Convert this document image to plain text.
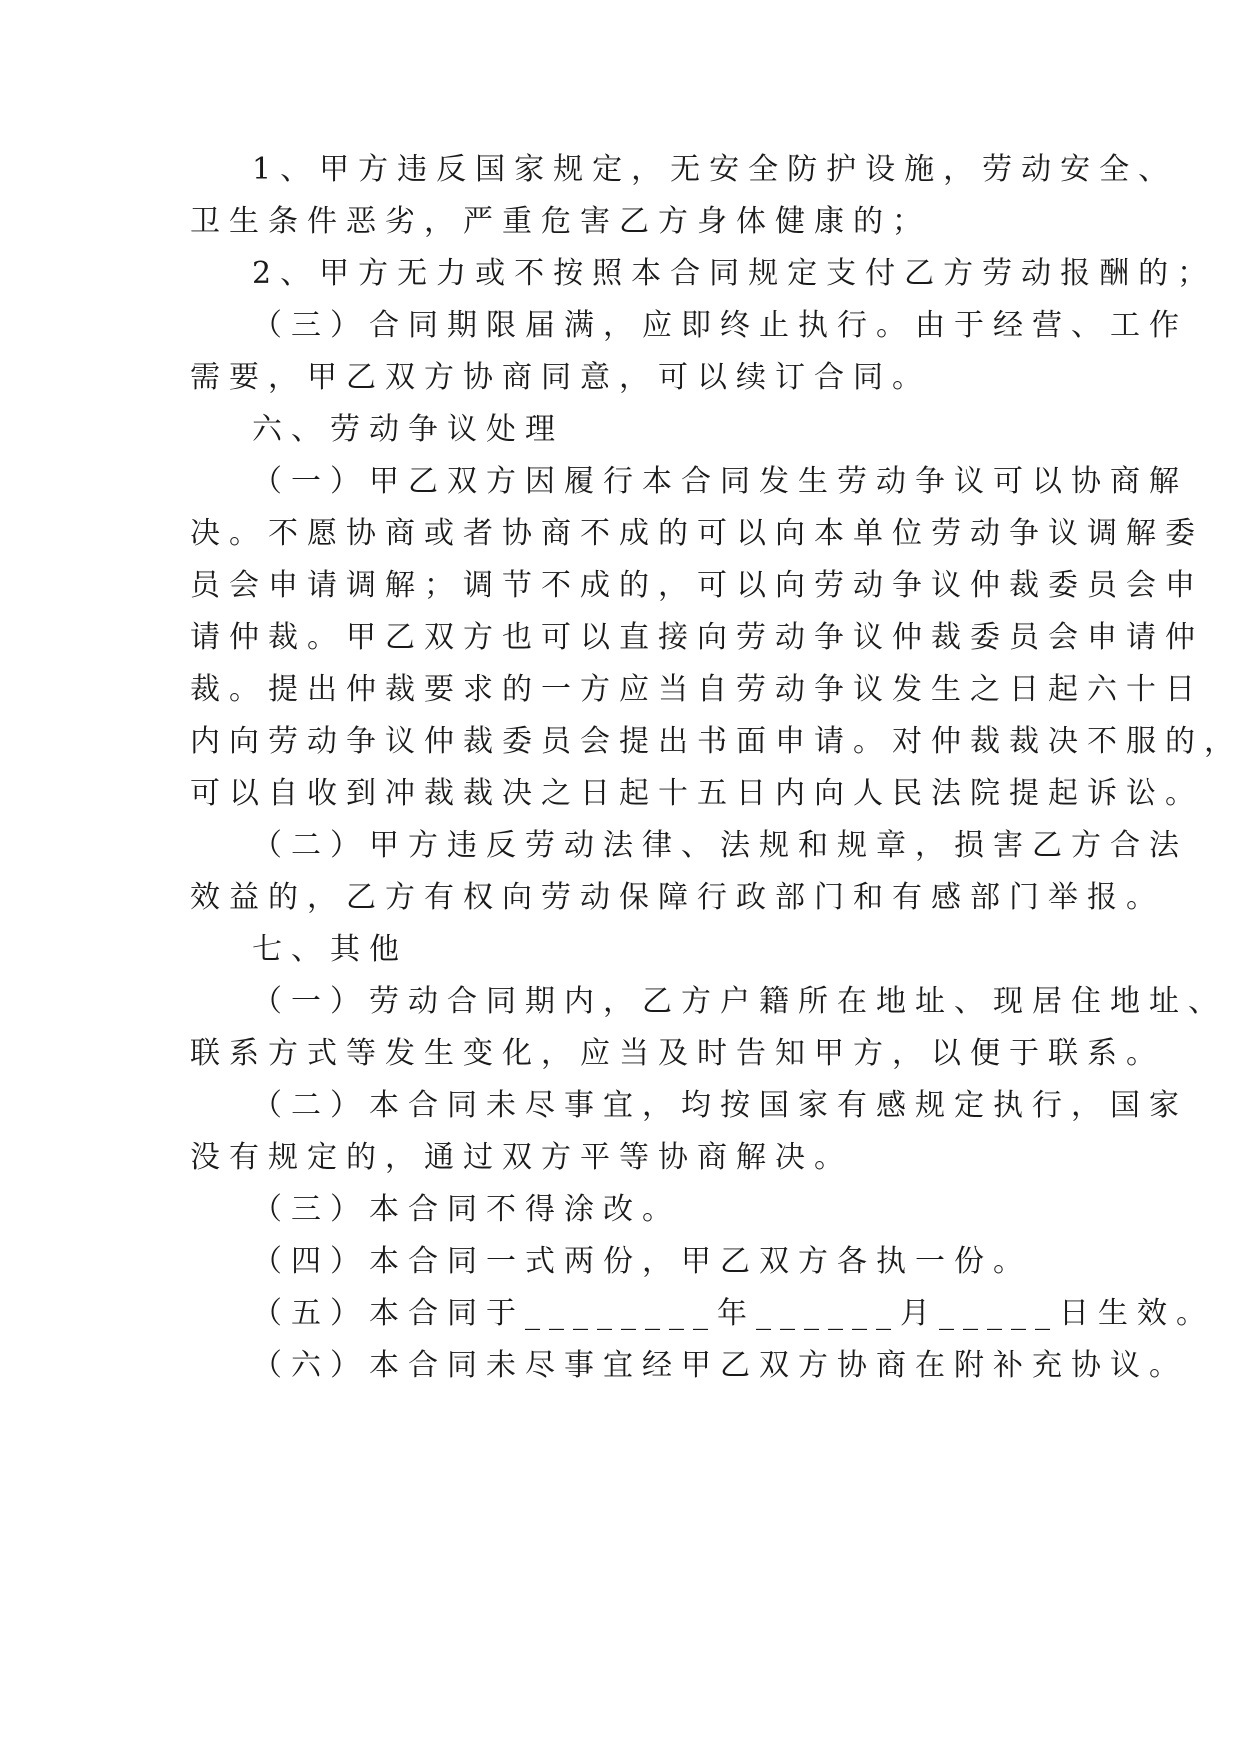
1、甲方违反国家规定，无安全防护设施，劳动安全、
卫生条件恶劣，严重危害乙方身体健康的；
2、甲方无力或不按照本合同规定支付乙方劳动报酬的；
（三）合同期限届满，应即终止执行。由于经营、工作
需要，甲乙双方协商同意，可以续订合同。
六、劳动争议处理
（一）甲乙双方因履行本合同发生劳动争议可以协商解
决。不愿协商或者协商不成的可以向本单位劳动争议调解委
员会申请调解；调节不成的，可以向劳动争议仲裁委员会申
请仲裁。甲乙双方也可以直接向劳动争议仲裁委员会申请仲
裁。提出仲裁要求的一方应当自劳动争议发生之日起六十日
内向劳动争议仲裁委员会提出书面申请。对仲裁裁决不服的，
可以自收到冲裁裁决之日起十五日内向人民法院提起诉讼。
（二）甲方违反劳动法律、法规和规章，损害乙方合法
效益的，乙方有权向劳动保障行政部门和有感部门举报。
七、其他
（一）劳动合同期内，乙方户籍所在地址、现居住地址、
联系方式等发生变化，应当及时告知甲方，以便于联系。
（二）本合同未尽事宜，均按国家有感规定执行，国家
没有规定的，通过双方平等协商解决。
（三）本合同不得涂改。
（四）本合同一式两份，甲乙双方各执一份。
（五）本合同于________年______月_____日生效。
（六）本合同未尽事宜经甲乙双方协商在附补充协议。
